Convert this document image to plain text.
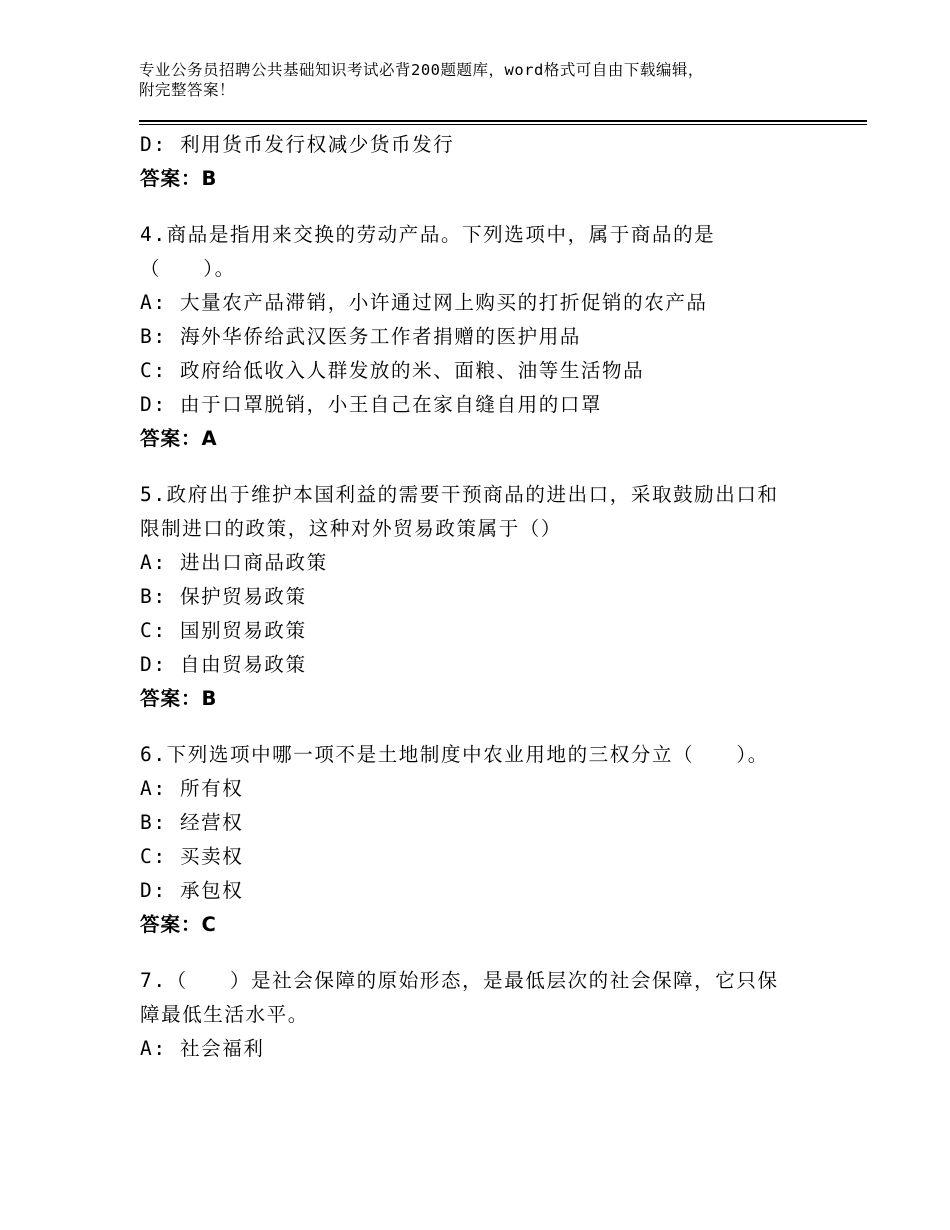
专业公务员招聘公共基础知识考试必背200题题库，word格式可自由下载编辑，
附完整答案！
D: 利用货币发行权减少货币发行
答案：B
4.商品是指用来交换的劳动产品。下列选项中，属于商品的是
（　　）。
A: 大量农产品滞销，小许通过网上购买的打折促销的农产品
B: 海外华侨给武汉医务工作者捐赠的医护用品
C: 政府给低收入人群发放的米、面粮、油等生活物品
D: 由于口罩脱销，小王自己在家自缝自用的口罩
答案：A
5.政府出于维护本国利益的需要干预商品的进出口，采取鼓励出口和
限制进口的政策，这种对外贸易政策属于（）
A: 进出口商品政策
B: 保护贸易政策
C: 国别贸易政策
D: 自由贸易政策
答案：B
6.下列选项中哪一项不是土地制度中农业用地的三权分立（　　）。
A: 所有权
B: 经营权
C: 买卖权
D: 承包权
答案：C
7.（　　）是社会保障的原始形态，是最低层次的社会保障，它只保
障最低生活水平。
A: 社会福利
